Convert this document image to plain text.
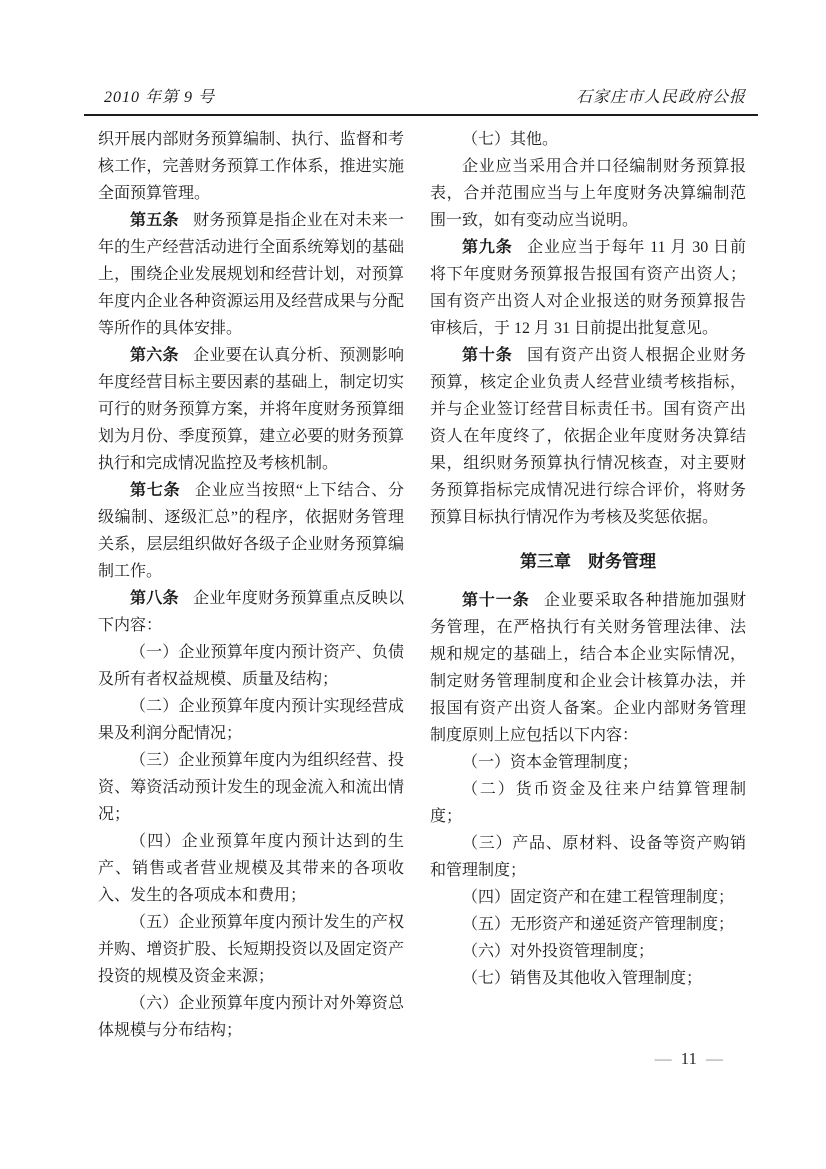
2010 年第 9 号	石家庄市人民政府公报

织开展内部财务预算编制、执行、监督和考核工作，完善财务预算工作体系，推进实施全面预算管理。

第五条 财务预算是指企业在对未来一年的生产经营活动进行全面系统筹划的基础上，围绕企业发展规划和经营计划，对预算年度内企业各种资源运用及经营成果与分配等所作的具体安排。

第六条 企业要在认真分析、预测影响年度经营目标主要因素的基础上，制定切实可行的财务预算方案，并将年度财务预算细划为月份、季度预算，建立必要的财务预算执行和完成情况监控及考核机制。

第七条 企业应当按照“上下结合、分级编制、逐级汇总”的程序，依据财务管理关系，层层组织做好各级子企业财务预算编制工作。

第八条 企业年度财务预算重点反映以下内容：

（一）企业预算年度内预计资产、负债及所有者权益规模、质量及结构；

（二）企业预算年度内预计实现经营成果及利润分配情况；

（三）企业预算年度内为组织经营、投资、筹资活动预计发生的现金流入和流出情况；

（四）企业预算年度内预计达到的生产、销售或者营业规模及其带来的各项收入、发生的各项成本和费用；

（五）企业预算年度内预计发生的产权并购、增资扩股、长短期投资以及固定资产投资的规模及资金来源；

（六）企业预算年度内预计对外筹资总体规模与分布结构；

（七）其他。

企业应当采用合并口径编制财务预算报表，合并范围应当与上年度财务决算编制范围一致，如有变动应当说明。

第九条 企业应当于每年 11 月 30 日前将下年度财务预算报告报国有资产出资人；国有资产出资人对企业报送的财务预算报告审核后，于 12 月 31 日前提出批复意见。

第十条 国有资产出资人根据企业财务预算，核定企业负责人经营业绩考核指标，并与企业签订经营目标责任书。国有资产出资人在年度终了，依据企业年度财务决算结果，组织财务预算执行情况核查，对主要财务预算指标完成情况进行综合评价，将财务预算目标执行情况作为考核及奖惩依据。

第三章　财务管理

第十一条 企业要采取各种措施加强财务管理，在严格执行有关财务管理法律、法规和规定的基础上，结合本企业实际情况，制定财务管理制度和企业会计核算办法，并报国有资产出资人备案。企业内部财务管理制度原则上应包括以下内容：

（一）资本金管理制度；

（二）货币资金及往来户结算管理制度；

（三）产品、原材料、设备等资产购销和管理制度；

（四）固定资产和在建工程管理制度；

（五）无形资产和递延资产管理制度；

（六）对外投资管理制度；

（七）销售及其他收入管理制度；

— 11 —
